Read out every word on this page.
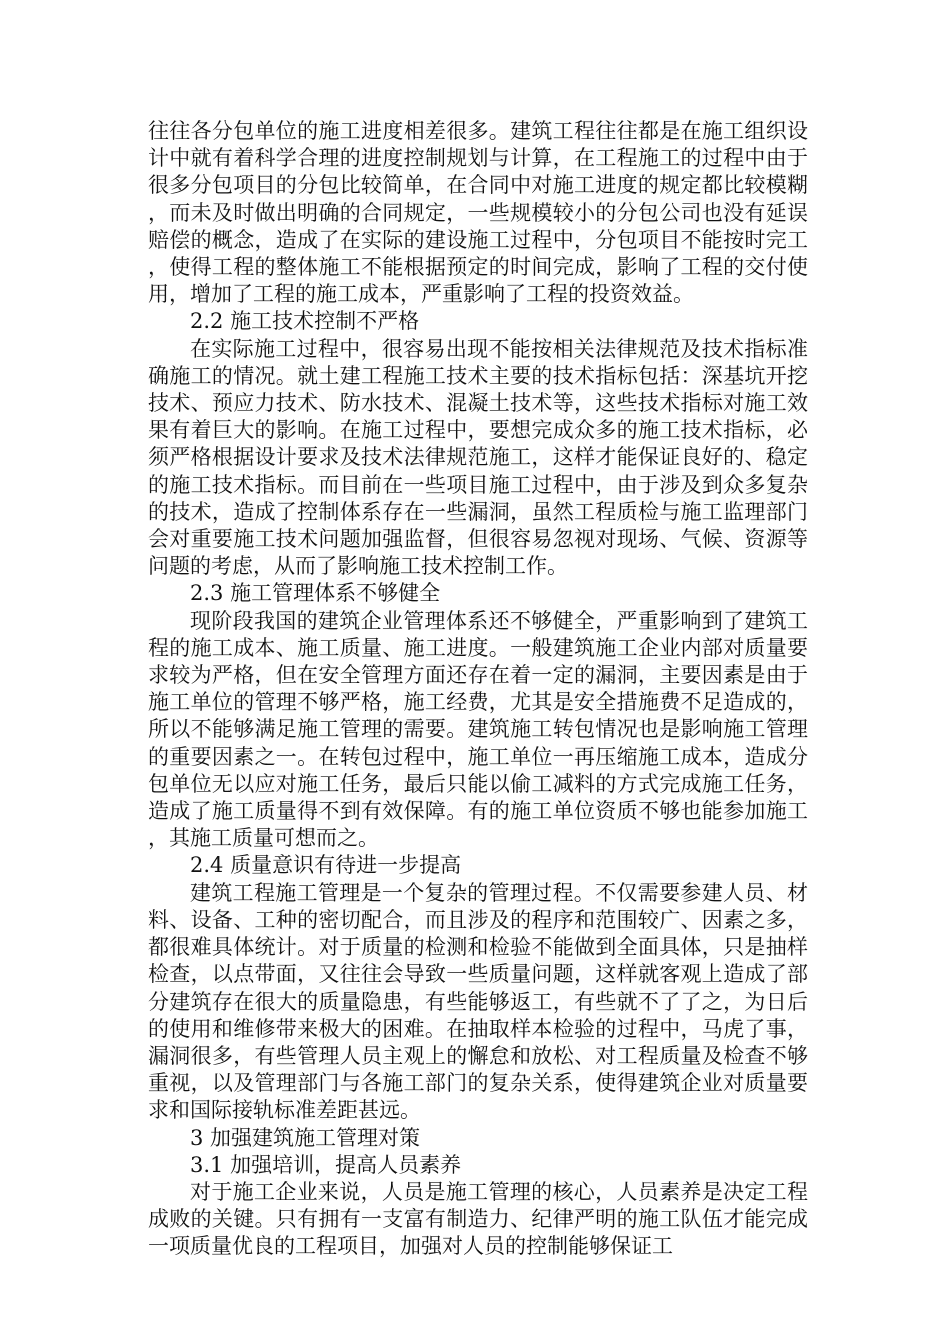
往往各分包单位的施工进度相差很多。建筑工程往往都是在施工组织设计中就有着科学合理的进度控制规划与计算，在工程施工的过程中由于很多分包项目的分包比较简单，在合同中对施工进度的规定都比较模糊，而未及时做出明确的合同规定，一些规模较小的分包公司也没有延误赔偿的概念，造成了在实际的建设施工过程中，分包项目不能按时完工，使得工程的整体施工不能根据预定的时间完成，影响了工程的交付使用，增加了工程的施工成本，严重影响了工程的投资效益。

2.2 施工技术控制不严格

在实际施工过程中，很容易出现不能按相关法律规范及技术指标准确施工的情况。就土建工程施工技术主要的技术指标包括：深基坑开挖技术、预应力技术、防水技术、混凝土技术等，这些技术指标对施工效果有着巨大的影响。在施工过程中，要想完成众多的施工技术指标，必须严格根据设计要求及技术法律规范施工，这样才能保证良好的、稳定的施工技术指标。而目前在一些项目施工过程中，由于涉及到众多复杂的技术，造成了控制体系存在一些漏洞，虽然工程质检与施工监理部门会对重要施工技术问题加强监督，但很容易忽视对现场、气候、资源等问题的考虑，从而了影响施工技术控制工作。

2.3 施工管理体系不够健全

现阶段我国的建筑企业管理体系还不够健全，严重影响到了建筑工程的施工成本、施工质量、施工进度。一般建筑施工企业内部对质量要求较为严格，但在安全管理方面还存在着一定的漏洞，主要因素是由于施工单位的管理不够严格，施工经费，尤其是安全措施费不足造成的，所以不能够满足施工管理的需要。建筑施工转包情况也是影响施工管理的重要因素之一。在转包过程中，施工单位一再压缩施工成本，造成分包单位无以应对施工任务，最后只能以偷工减料的方式完成施工任务，造成了施工质量得不到有效保障。有的施工单位资质不够也能参加施工，其施工质量可想而之。

2.4 质量意识有待进一步提高

建筑工程施工管理是一个复杂的管理过程。不仅需要参建人员、材料、设备、工种的密切配合，而且涉及的程序和范围较广、因素之多，都很难具体统计。对于质量的检测和检验不能做到全面具体，只是抽样检查，以点带面，又往往会导致一些质量问题，这样就客观上造成了部分建筑存在很大的质量隐患，有些能够返工，有些就不了了之，为日后的使用和维修带来极大的困难。在抽取样本检验的过程中，马虎了事，漏洞很多，有些管理人员主观上的懈怠和放松、对工程质量及检查不够重视，以及管理部门与各施工部门的复杂关系，使得建筑企业对质量要求和国际接轨标准差距甚远。

3 加强建筑施工管理对策

3.1 加强培训，提高人员素养

对于施工企业来说，人员是施工管理的核心，人员素养是决定工程成败的关键。只有拥有一支富有制造力、纪律严明的施工队伍才能完成一项质量优良的工程项目，加强对人员的控制能够保证工
